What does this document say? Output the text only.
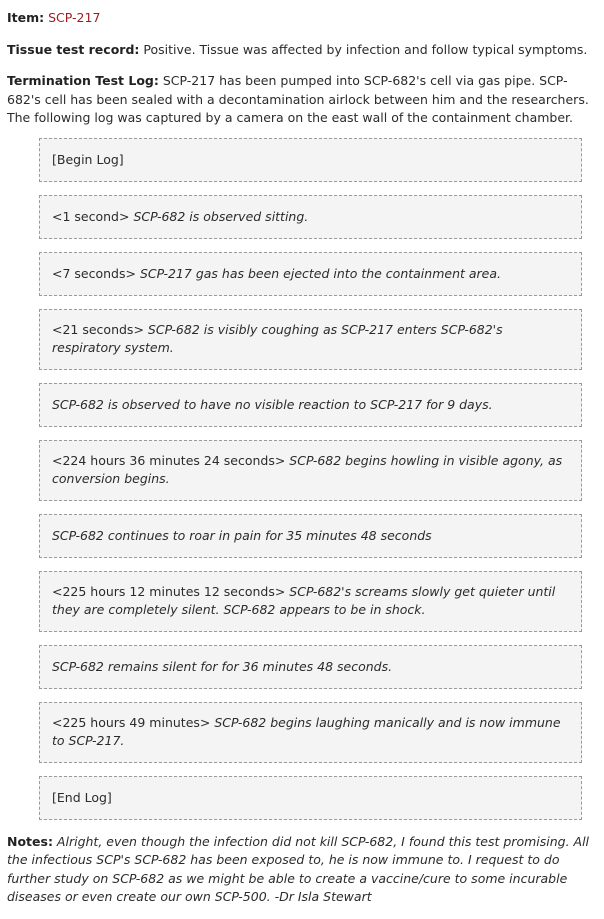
Item: SCP-217

Tissue test record: Positive. Tissue was affected by infection and follow typical symptoms.

Termination Test Log: SCP-217 has been pumped into SCP-682's cell via gas pipe. SCP-682's cell has been sealed with a decontamination airlock between him and the researchers. The following log was captured by a camera on the east wall of the containment chamber.

[Begin Log]
<1 second> SCP-682 is observed sitting.
<7 seconds> SCP-217 gas has been ejected into the containment area.
<21 seconds> SCP-682 is visibly coughing as SCP-217 enters SCP-682's respiratory system.
SCP-682 is observed to have no visible reaction to SCP-217 for 9 days.
<224 hours 36 minutes 24 seconds> SCP-682 begins howling in visible agony, as conversion begins.
SCP-682 continues to roar in pain for 35 minutes 48 seconds
<225 hours 12 minutes 12 seconds> SCP-682's screams slowly get quieter until they are completely silent. SCP-682 appears to be in shock.
SCP-682 remains silent for for 36 minutes 48 seconds.
<225 hours 49 minutes> SCP-682 begins laughing manically and is now immune to SCP-217.
[End Log]

Notes: Alright, even though the infection did not kill SCP-682, I found this test promising. All the infectious SCP's SCP-682 has been exposed to, he is now immune to. I request to do further study on SCP-682 as we might be able to create a vaccine/cure to some incurable diseases or even create our own SCP-500. -Dr Isla Stewart
